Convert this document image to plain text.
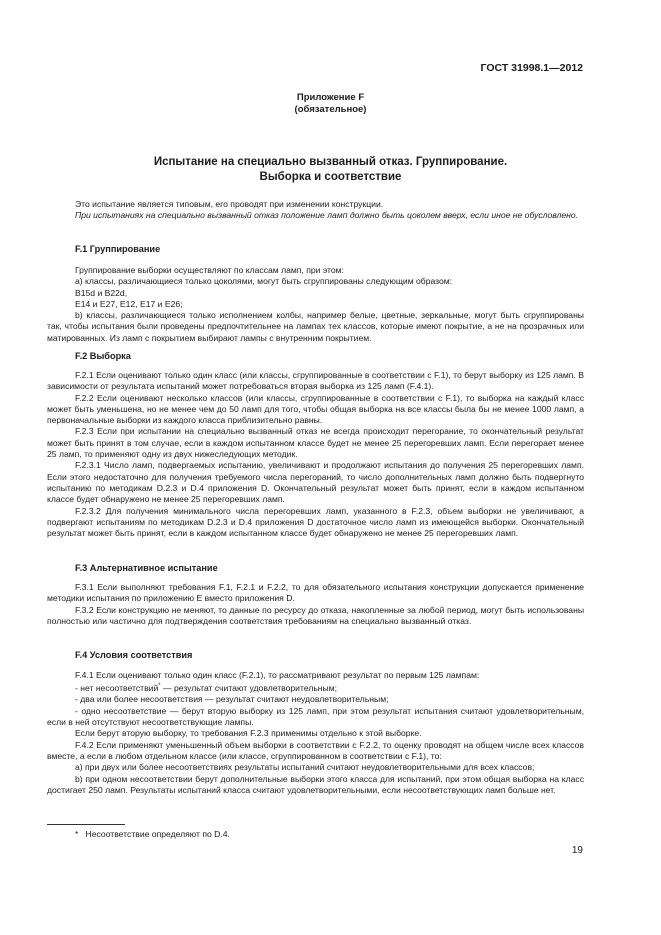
ГОСТ 31998.1—2012
Приложение F
(обязательное)
Испытание на специально вызванный отказ. Группирование.
Выборка и соответствие

Это испытание является типовым, его проводят при изменении конструкции.

При испытаниях на специально вызванный отказ положение ламп должно быть цоколем вверх, если иное не обусловлено.

F.1 Группирование

Группирование выборки осуществляют по классам ламп, при этом:

а) классы, различающиеся только цоколями, могут быть сгруппированы следующим образом:

B15d и B22d,

E14 и E27, E12, E17 и E26;

b) классы, различающиеся только исполнением колбы, например белые, цветные, зеркальные, могут быть сгруппированы так, чтобы испытания были проведены предпочтительнее на лампах тех классов, которые имеют покрытие, а не на прозрачных или матированных. Из ламп с покрытием выбирают лампы с внутренним покрытием.

F.2 Выборка

F.2.1 Если оценивают только один класс (или классы, сгруппированные в соответствии с F.1), то берут выборку из 125 ламп. В зависимости от результата испытаний может потребоваться вторая выборка из 125 ламп (F.4.1).

F.2.2 Если оценивают несколько классов (или классы, сгруппированные в соответствии с F.1), то выборка на каждый класс может быть уменьшена, но не менее чем до 50 ламп для того, чтобы общая выборка на все классы была бы не менее 1000 ламп, а первоначальные выборки из каждого класса приблизительно равны.

F.2.3 Если при испытании на специально вызванный отказ не всегда происходит перегорание, то окончательный результат может быть принят в том случае, если в каждом испытанном классе будет не менее 25 перегоревших ламп. Если перегорает менее 25 ламп, то применяют одну из двух нижеследующих методик.

F.2.3.1 Число ламп, подвергаемых испытанию, увеличивают и продолжают испытания до получения 25 перегоревших ламп. Если этого недостаточно для получения требуемого числа перегораний, то число дополнительных ламп должно быть подвергнуто испытанию по методикам D.2.3 и D.4 приложения D. Окончательный результат может быть принят, если в каждом испытанном классе будет обнаружено не менее 25 перегоревших ламп.

F.2.3.2 Для получения минимального числа перегоревших ламп, указанного в F.2.3, объем выборки не увеличивают, а подвергают испытаниям по методикам D.2.3 и D.4 приложения D достаточное число ламп из имеющейся выборки. Окончательный результат может быть принят, если в каждом испытанном классе будет обнаружено не менее 25 перегоревших ламп.

F.3 Альтернативное испытание

F.3.1 Если выполняют требования F.1, F.2.1 и F.2.2, то для обязательного испытания конструкции допускается применение методики испытания по приложению E вместо приложения D.

F.3.2 Если конструкцию не меняют, то данные по ресурсу до отказа, накопленные за любой период, могут быть использованы полностью или частично для подтверждения соответствия требованиям на специально вызванный отказ.

F.4 Условия соответствия

F.4.1 Если оценивают только один класс (F.2.1), то рассматривают результат по первым 125 лампам:

- нет несоответствий* — результат считают удовлетворительным;

- два или более несоответствия — результат считают неудовлетворительным;

- одно несоответствие — берут вторую выборку из 125 ламп, при этом результат испытания считают удовлетворительным, если в ней отсутствуют несоответствующие лампы.

Если берут вторую выборку, то требования F.2.3 применимы отдельно к этой выборке.

F.4.2 Если применяют уменьшенный объем выборки в соответствии с F.2.2, то оценку проводят на общем числе всех классов вместе, а если в любом отдельном классе (или классе, сгруппированном в соответствии с F.1), то:

а) при двух или более несоответствиях результаты испытаний считают неудовлетворительными для всех классов;

b) при одном несоответствии берут дополнительные выборки этого класса для испытаний, при этом общая выборка на класс достигает 250 ламп. Результаты испытаний класса считают удовлетворительными, если несоответствующих ламп больше нет.

* Несоответствие определяют по D.4.
19
